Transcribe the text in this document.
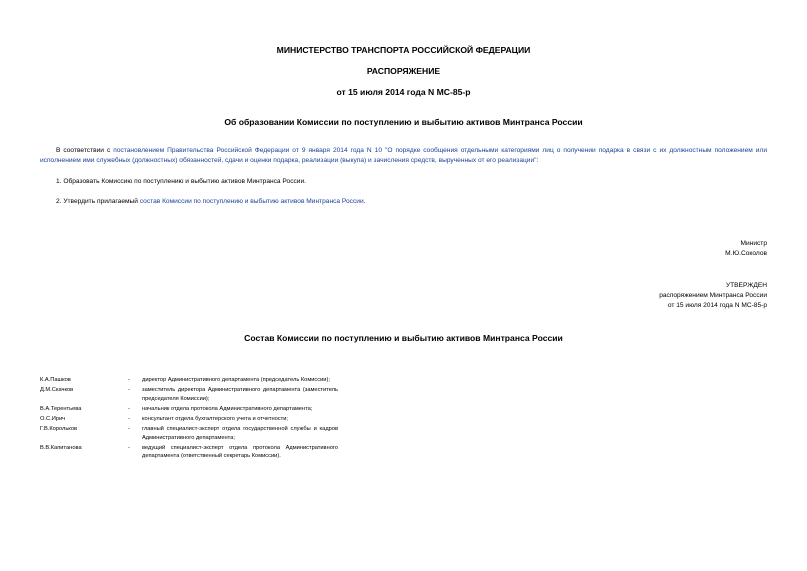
МИНИСТЕРСТВО ТРАНСПОРТА РОССИЙСКОЙ ФЕДЕРАЦИИ
РАСПОРЯЖЕНИЕ
от 15 июля 2014 года N МС-85-р
Об образовании Комиссии по поступлению и выбытию активов Минтранса России
В соответствии с постановлением Правительства Российской Федерации от 9 января 2014 года N 10 "О порядке сообщения отдельными категориями лиц о получении подарка в связи с их должностным положением или исполнением ими служебных (должностных) обязанностей, сдачи и оценки подарка, реализации (выкупа) и зачисления средств, вырученных от его реализации":
1. Образовать Комиссию по поступлению и выбытию активов Минтранса России.
2. Утвердить прилагаемый состав Комиссии по поступлению и выбытию активов Минтранса России.
Министр
М.Ю.Соколов
УТВЕРЖДЕН
распоряжением Минтранса России
от 15 июля 2014 года N МС-85-р
Состав Комиссии по поступлению и выбытию активов Минтранса России
К.А.Пашков	-	директор Административного департамента (председатель Комиссии);
Д.М.Скачков	-	заместитель директора Административного департамента (заместитель председателя Комиссии);
В.А.Терентьева	-	начальник отдела протокола Административного департамента;
О.С.Ирич	-	консультант отдела бухгалтерского учета и отчетности;
Г.В.Корольков	-	главный специалист-эксперт отдела государственной службы и кадров Административного департамента;
В.В.Капитанова	-	ведущий специалист-эксперт отдела протокола Административного департамента (ответственный секретарь Комиссии).
